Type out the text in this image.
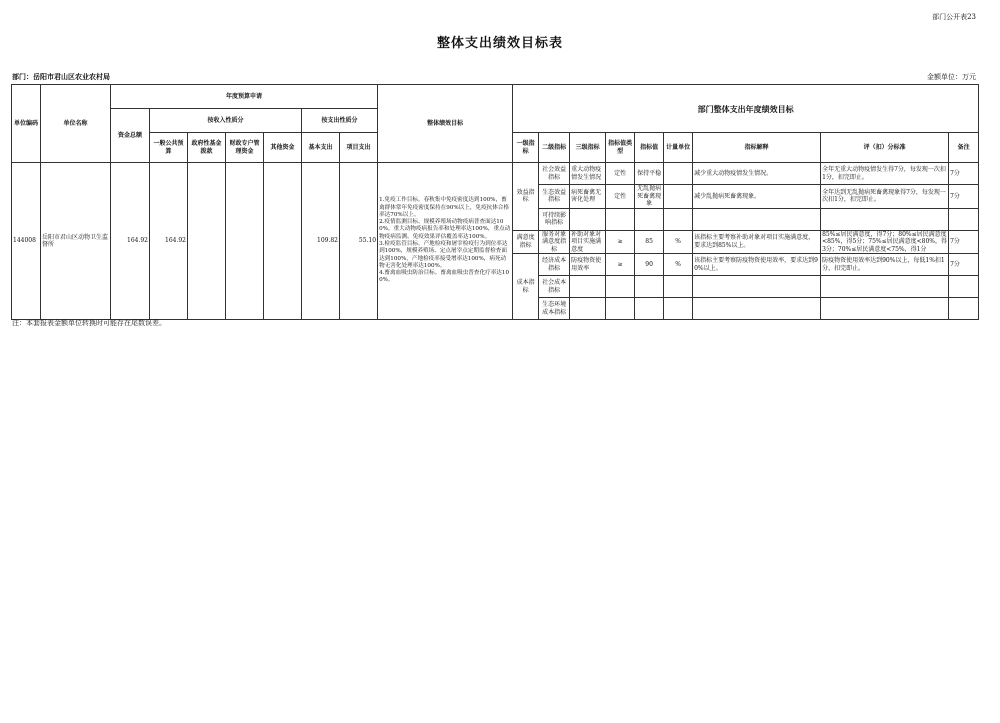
部门公开表23
整体支出绩效目标表
部门：岳阳市君山区农业农村局	金额单位：万元
单位编码	单位名称	年度预算申请							整体绩效目标	部门整体支出年度绩效目标								
		资金总额	按收入性质分				按支出性质分											
			一般公共预算	政府性基金拨款	财政专户管理资金	其他资金	基本支出	项目支出		一级指标	二级指标	三级指标	指标值类型	指标值	计量单位	指标解释	评（扣）分标准	备注
144008	岳阳市君山区动物卫生监督所	164.92	164.92				109.82	55.10	1.免疫工作目标。春秋集中免疫密度达到100%，畜禽群体常年免疫密度保持在90%以上，免疫抗体合格率达70%以上。
2.疫情监测目标。规模养殖场动物疫病普查面达100%，重大动物疫病报告率和处理率达100%，重点动物疫病监测、免疫效果评估覆盖率达100%。
3.检疫监管目标。产地检疫和屠宰检疫行为到位率达到100%，规模养殖场、定点屠宰点定期监督检查面达到100%，产地检疫率接受增率达100%，病死动物无害化处理率达100%。
4.畜禽血吸虫防治目标。畜禽血吸虫普查化疗率达100%。	效益指标	社会效益指标	重大动物疫情发生情况	定性	保持平稳		减少重大动物疫情发生情况。	全年无重大动物疫情发生得7分，每发现一次扣1分，扣完即止。	7分
											生态效益指标	病死畜禽无害化处理	定性	无乱抛病死畜禽现象		减少乱抛病死畜禽现象。	全年达到无乱抛病死畜禽现象得7分，每发现一次扣1分，扣完即止。	7分
											可持续影响指标							
										满意度指标	服务对象满意度指标	补助对象对项目实施满意度	≥	85	%	该指标主要考察补助对象对项目实施满意度，要求达到85%以上。	85%≤居民满意度，得7分；80%≤居民满意度<85%，得5分；75%≤居民满意度<80%，得3分；70%≤居民满意度<75%，得1分	7分
										成本指标	经济成本指标	防疫物资使用效率	≥	90	%	该指标主要考察防疫物资使用效率，要求达到90%以上。	防疫物资使用效率达到90%以上，每低1%扣1分，扣完即止。	7分
											社会成本指标							
											生态环境成本指标							
注：本套报表金额单位转换时可能存在尾数误差。
